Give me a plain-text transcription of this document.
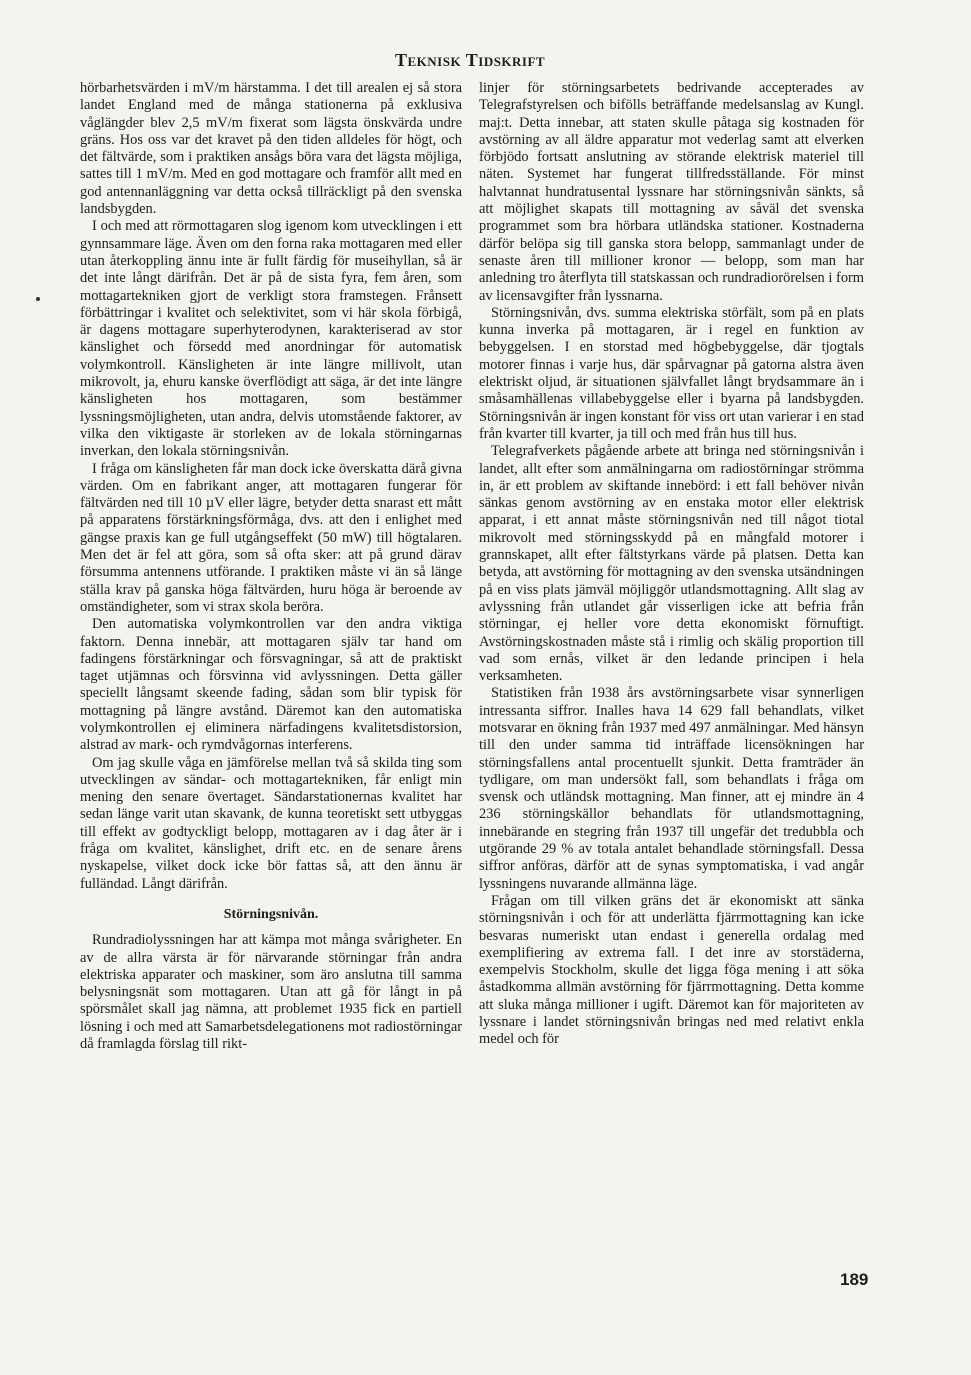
Teknisk Tidskrift

hörbarhetsvärden i mV/m härstamma. I det till arealen ej så stora landet England med de många stationerna på exklusiva våglängder blev 2,5 mV/m fixerat som lägsta önskvärda undre gräns. Hos oss var det kravet på den tiden alldeles för högt, och det fältvärde, som i praktiken ansågs böra vara det lägsta möjliga, sattes till 1 mV/m. Med en god mottagare och framför allt med en god antennanläggning var detta också tillräckligt på den svenska landsbygden.

I och med att rörmottagaren slog igenom kom utvecklingen i ett gynnsammare läge. Även om den forna raka mottagaren med eller utan återkoppling ännu inte är fullt färdig för museihyllan, så är det inte långt därifrån. Det är på de sista fyra, fem åren, som mottagartekniken gjort de verkligt stora framstegen. Frånsett förbättringar i kvalitet och selektivitet, som vi här skola förbigå, är dagens mottagare superhyterodynen, karakteriserad av stor känslighet och försedd med anordningar för automatisk volymkontroll. Känsligheten är inte längre millivolt, utan mikrovolt, ja, ehuru kanske överflödigt att säga, är det inte längre känsligheten hos mottagaren, som bestämmer lyssningsmöjligheten, utan andra, delvis utomstående faktorer, av vilka den viktigaste är storleken av de lokala störningarnas inverkan, den lokala störningsnivån.

I fråga om känsligheten får man dock icke överskatta därå givna värden. Om en fabrikant anger, att mottagaren fungerar för fältvärden ned till 10 µV eller lägre, betyder detta snarast ett mått på apparatens förstärkningsförmåga, dvs. att den i enlighet med gängse praxis kan ge full utgångseffekt (50 mW) till högtalaren. Men det är fel att göra, som så ofta sker: att på grund därav försumma antennens utförande. I praktiken måste vi än så länge ställa krav på ganska höga fältvärden, huru höga är beroende av omständigheter, som vi strax skola beröra.

Den automatiska volymkontrollen var den andra viktiga faktorn. Denna innebär, att mottagaren själv tar hand om fadingens förstärkningar och försvagningar, så att de praktiskt taget utjämnas och försvinna vid avlyssningen. Detta gäller speciellt långsamt skeende fading, sådan som blir typisk för mottagning på längre avstånd. Däremot kan den automatiska volymkontrollen ej eliminera närfadingens kvalitetsdistorsion, alstrad av mark- och rymdvågornas interferens.

Om jag skulle våga en jämförelse mellan två så skilda ting som utvecklingen av sändar- och mottagartekniken, får enligt min mening den senare övertaget. Sändarstationernas kvalitet har sedan länge varit utan skavank, de kunna teoretiskt sett utbyggas till effekt av godtyckligt belopp, mottagaren av i dag åter är i fråga om kvalitet, känslighet, drift etc. en de senare årens nyskapelse, vilket dock icke bör fattas så, att den ännu är fulländad. Långt därifrån.

Störningsnivån.

Rundradiolyssningen har att kämpa mot många svårigheter. En av de allra värsta är för närvarande störningar från andra elektriska apparater och maskiner, som äro anslutna till samma belysningsnät som mottagaren. Utan att gå för långt in på spörsmålet skall jag nämna, att problemet 1935 fick en partiell lösning i och med att Samarbetsdelegationens mot radiostörningar då framlagda förslag till rikt-

linjer för störningsarbetets bedrivande accepterades av Telegrafstyrelsen och bifölls beträffande medelsanslag av Kungl. maj:t. Detta innebar, att staten skulle påtaga sig kostnaden för avstörning av all äldre apparatur mot vederlag samt att elverken förbjödo fortsatt anslutning av störande elektrisk materiel till näten. Systemet har fungerat tillfredsställande. För minst halvtannat hundratusental lyssnare har störningsnivån sänkts, så att möjlighet skapats till mottagning av såväl det svenska programmet som bra hörbara utländska stationer. Kostnaderna därför belöpa sig till ganska stora belopp, sammanlagt under de senaste åren till millioner kronor — belopp, som man har anledning tro återflyta till statskassan och rundradiorörelsen i form av licensavgifter från lyssnarna.

Störningsnivån, dvs. summa elektriska störfält, som på en plats kunna inverka på mottagaren, är i regel en funktion av bebyggelsen. I en storstad med högbebyggelse, där tjogtals motorer finnas i varje hus, där spårvagnar på gatorna alstra även elektriskt oljud, är situationen självfallet långt brydsammare än i småsamhällenas villabebyggelse eller i byarna på landsbygden. Störningsnivån är ingen konstant för viss ort utan varierar i en stad från kvarter till kvarter, ja till och med från hus till hus.

Telegrafverkets pågående arbete att bringa ned störningsnivån i landet, allt efter som anmälningarna om radiostörningar strömma in, är ett problem av skiftande innebörd: i ett fall behöver nivån sänkas genom avstörning av en enstaka motor eller elektrisk apparat, i ett annat måste störningsnivån ned till något tiotal mikrovolt med störningsskydd på en mångfald motorer i grannskapet, allt efter fältstyrkans värde på platsen. Detta kan betyda, att avstörning för mottagning av den svenska utsändningen på en viss plats jämväl möjliggör utlandsmottagning. Allt slag av avlyssning från utlandet går visserligen icke att befria från störningar, ej heller vore detta ekonomiskt förnuftigt. Avstörningskostnaden måste stå i rimlig och skälig proportion till vad som ernås, vilket är den ledande principen i hela verksamheten.

Statistiken från 1938 års avstörningsarbete visar synnerligen intressanta siffror. Inalles hava 14 629 fall behandlats, vilket motsvarar en ökning från 1937 med 497 anmälningar. Med hänsyn till den under samma tid inträffade licensökningen har störningsfallens antal procentuellt sjunkit. Detta framträder än tydligare, om man undersökt fall, som behandlats i fråga om svensk och utländsk mottagning. Man finner, att ej mindre än 4 236 störningskällor behandlats för utlandsmottagning, innebärande en stegring från 1937 till ungefär det tredubbla och utgörande 29 % av totala antalet behandlade störningsfall. Dessa siffror anföras, därför att de synas symptomatiska, i vad angår lyssningens nuvarande allmänna läge.

Frågan om till vilken gräns det är ekonomiskt att sänka störningsnivån i och för att underlätta fjärrmottagning kan icke besvaras numeriskt utan endast i generella ordalag med exemplifiering av extrema fall. I det inre av storstäderna, exempelvis Stockholm, skulle det ligga föga mening i att söka åstadkomma allmän avstörning för fjärrmottagning. Detta komme att sluka många millioner i ugift. Däremot kan för majoriteten av lyssnare i landet störningsnivån bringas ned med relativt enkla medel och för

189
